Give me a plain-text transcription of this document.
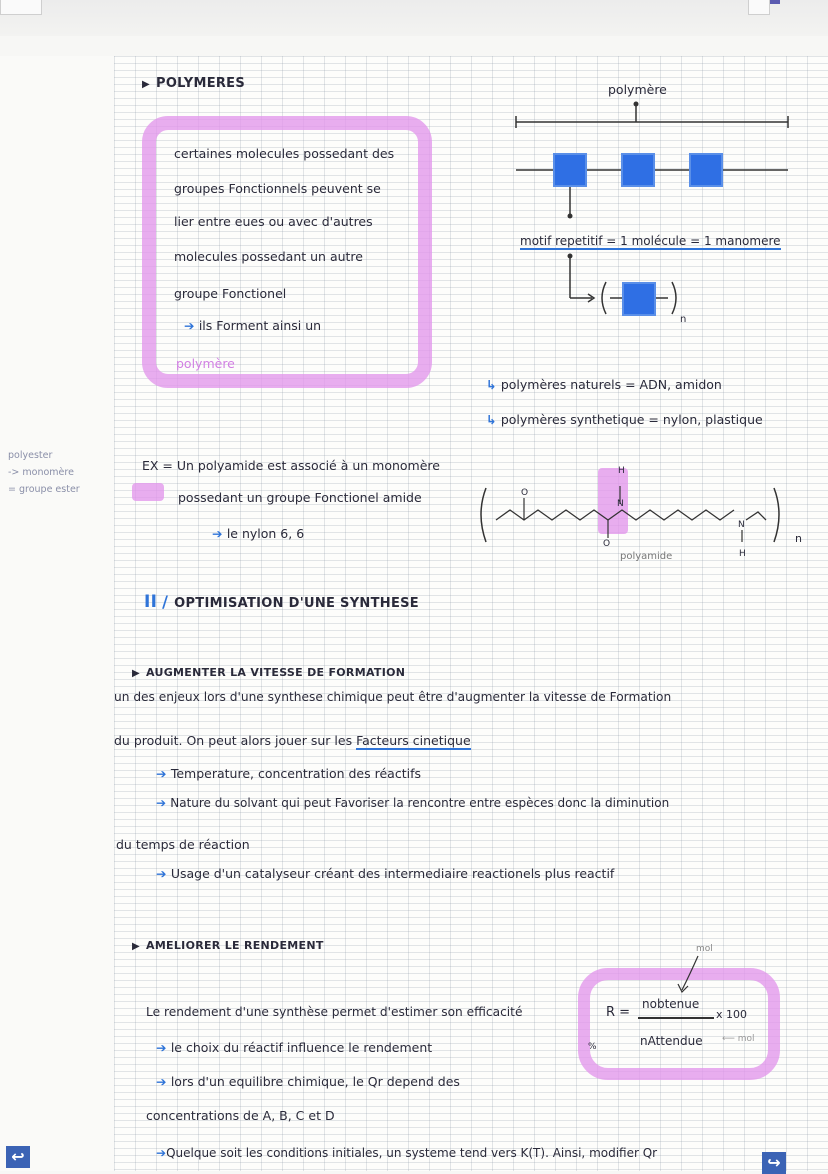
polyester
-> monomère
= groupe ester
▶ POLYMERES
certaines molecules possedant des
groupes Fonctionnels peuvent se
lier entre eues ou avec d'autres
molecules possedant un autre
groupe Fonctionel
➔ ils Forment ainsi un
polymère
polymère
n
motif repetitif = 1 molécule = 1 manomere
↳ polymères naturels = ADN, amidon
↳ polymères synthetique = nylon, plastique
EX = Un polyamide est associé à un monomère
possedant un groupe Fonctionel amide
➔ le nylon 6, 6
H
N
O
O
N
H
polyamide
n
II / OPTIMISATION D'UNE SYNTHESE
▶ AUGMENTER LA VITESSE DE FORMATION
un des enjeux lors d'une synthese chimique peut être d'augmenter la vitesse de Formation
du produit. On peut alors jouer sur les Facteurs cinetique
➔ Temperature, concentration des réactifs
➔ Nature du solvant qui peut Favoriser la rencontre entre espèces donc la diminution
du temps de réaction
➔ Usage d'un catalyseur créant des intermediaire reactionels plus reactif
▶ AMELIORER LE RENDEMENT
Le rendement d'une synthèse permet d'estimer son efficacité
➔ le choix du réactif influence le rendement
➔ lors d'un equilibre chimique, le Qr depend des
concentrations de A, B, C et D
➔Quelque soit les conditions initiales, un systeme tend vers K(T). Ainsi, modifier Qr
mol
R =
nobtenue
x 100
nAttendue ⟵ mol
%
↩	↪
